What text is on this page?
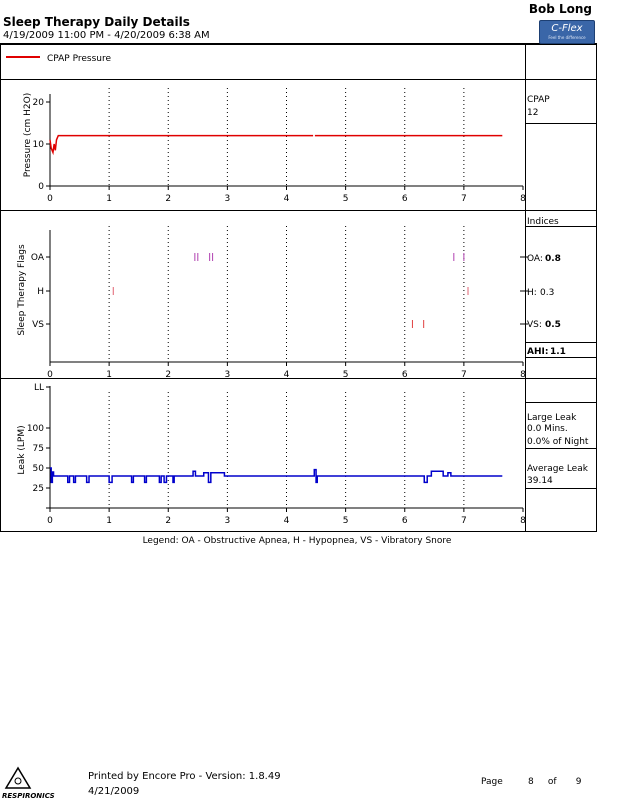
Bob Long
Sleep Therapy Daily Details
4/19/2009 11:00 PM - 4/20/2009 6:38 AM
C-Flex
Feel the difference
CPAP Pressure
0	1	2	3	4	5	6	7	8
0
10
20
Pressure (cm H2O)	CPAP
12
0	1	2	3	4	5	6	7	8
OA
H
VS
Sleep Therapy Flags
Indices
OA: 0.8
H: 0.3
VS: 0.5
AHI: 1.1
0	1	2	3	4	5	6	7	8
LL
25
50
75
100
Leak (LPM)
Large Leak
0.0 Mins.
0.0% of Night
Average Leak
39.14
Legend: OA - Obstructive Apnea, H - Hypopnea, VS - Vibratory Snore
RESPIRONICS
Printed by Encore Pro - Version: 1.8.49
4/21/2009
Page	8 of 9
